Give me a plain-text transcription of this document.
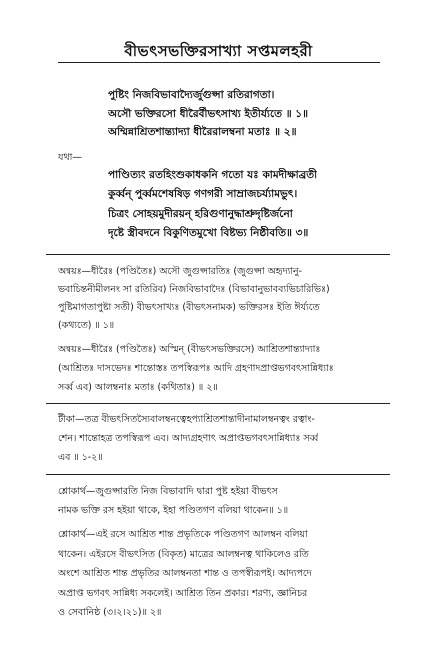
বীভৎসভক্তিরসাখ্যা সপ্তমলহরী
পুষ্টিং নিজবিভাবাদ্যৈর্জুগুপ্সা রতিরাগতা।
অসৌ ভক্তিরসো ধীরৈর্বীভৎসাখ্য ইতীর্য্যতে ॥ ১॥
অম্মিন্নাশ্রিতশান্ত্যাদ্যা ধীরৈরালম্বনা মতাঃ ॥ ২॥
যথা—
পাণ্ডিত্যং রতহিংশুকাধকনি গতো যঃ কামদীক্ষাব্রতী
কুর্ব্বন্ পুর্ব্বমশেষষিড় গণগরী সাম্রাজচর্য্যামভুৎ।
চিত্রং সোহয়মুদীরয়ন্ হরিগুণানুদ্ধাশ্রুদৃষ্টির্জনো
দৃষ্টে স্ত্রীবদনে বিকুণিতমুখো বিষ্টভ্য নিষ্ঠীবতি॥ ৩॥
অন্বয়ঃ—ধীরৈঃ (পণ্ডিতৈঃ) অসৌ জুগুপ্সারতিঃ (জুগুপ্সা অহৃদ্যানু-
ভবাচিন্তনীমীলনং সা রতিরিব) নিজবিভাবাদৈঃ (বিভাবানুভাবব্যভিচারিভিঃ)
পুষ্টিমাগতাপুষ্টা সতী) বীভৎসাখ্যঃ (বীভৎসনামক) ভক্তিরসঃ ইতি ঈর্য্যতে
(কথ্যতে) ॥ ১॥
অন্বয়ঃ—ধীরৈঃ (পণ্ডিতৈঃ) অস্মিন্ (বীভৎসভক্তিরসে) আশ্রিতশান্ত্যাদ্যাঃ
(আশ্রিতঃ দাসভেদঃ শান্তোস্তঃ তপস্বিরূপঃ আদি গ্রহণাদপ্রাপ্তভগবৎসান্নিধ্যাঃ
সর্ব্ব এব) আলম্বনাঃ মতাঃ (কথিতাঃ) ॥ ২॥
টীকা—তত্র বীভৎসিতস্যৈবালম্বনত্বেহপ্যাশ্রিতশান্তাদীনামালম্বনত্বং রত্বাং-
শেন। শান্তোহত্র তপস্বিরূপ এব। আদ্যগ্রহণাৎ অপ্রাপ্তভগবৎসান্নিধ্যাঃ সর্ব্ব
এব ॥ ১-২॥
শ্লোকার্থ—জুগুপ্সারতি নিজ বিভাবাদি দ্বারা পুষ্ট হইয়া বীভৎস
নামক ভক্তি রস হইয়া থাকে, ইহা পণ্ডিতগণ বলিয়া থাকেন॥ ১॥
শ্লোকার্থ—এই রসে আশ্রিত শান্ত প্রভৃতিকে পণ্ডিতগণ আলম্বন বলিয়া
থাকেন। এইরসে বীভৎসিত (বিকৃত) মাত্রের আলম্বনত্ব থাকিলেও রতি
অংশে আশ্রিত শান্ত প্রভৃতির আলম্বনতা শান্ত ও তপস্বীরূপই। আদ্যপদে
অপ্রাপ্ত ভগবৎ সান্নিধ্য সকলেই। আশ্রিত তিন প্রকার। শরণ্য, জ্ঞানিচর
ও সেবানিষ্ঠ (৩।২।২১)॥ ২॥
